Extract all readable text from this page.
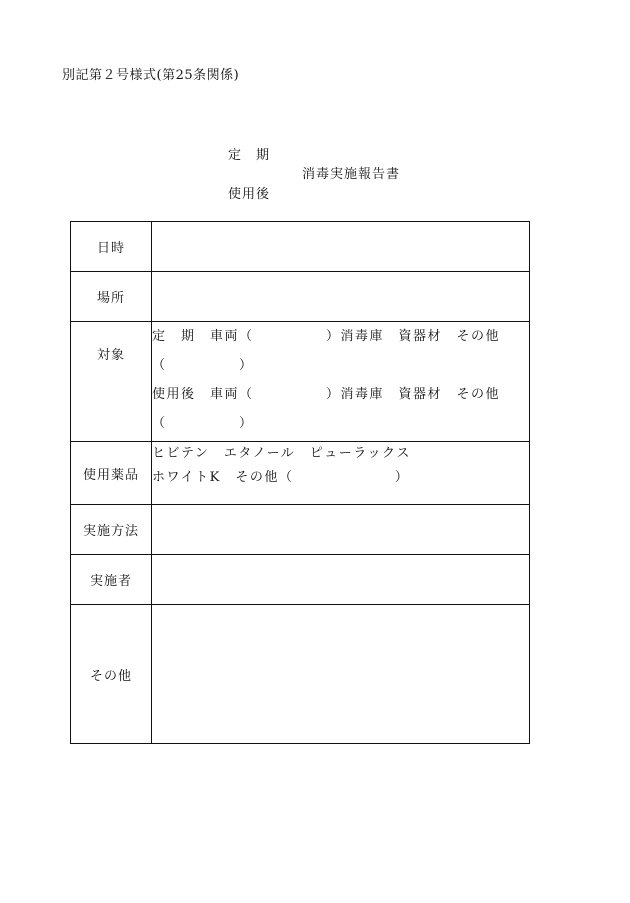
別記第２号様式(第25条関係)
定　期
消毒実施報告書
使用後
日時	
場所	
対象	定　期　車両（　　　　　）消毒庫　資器材　その他
（　　　　　）
使用後　車両（　　　　　）消毒庫　資器材　その他
（　　　　　）

使用薬品	ヒビテン　エタノール　ピューラックス
ホワイトK　その他（　　　　　　　）

実施方法	
実施者	
その他	
